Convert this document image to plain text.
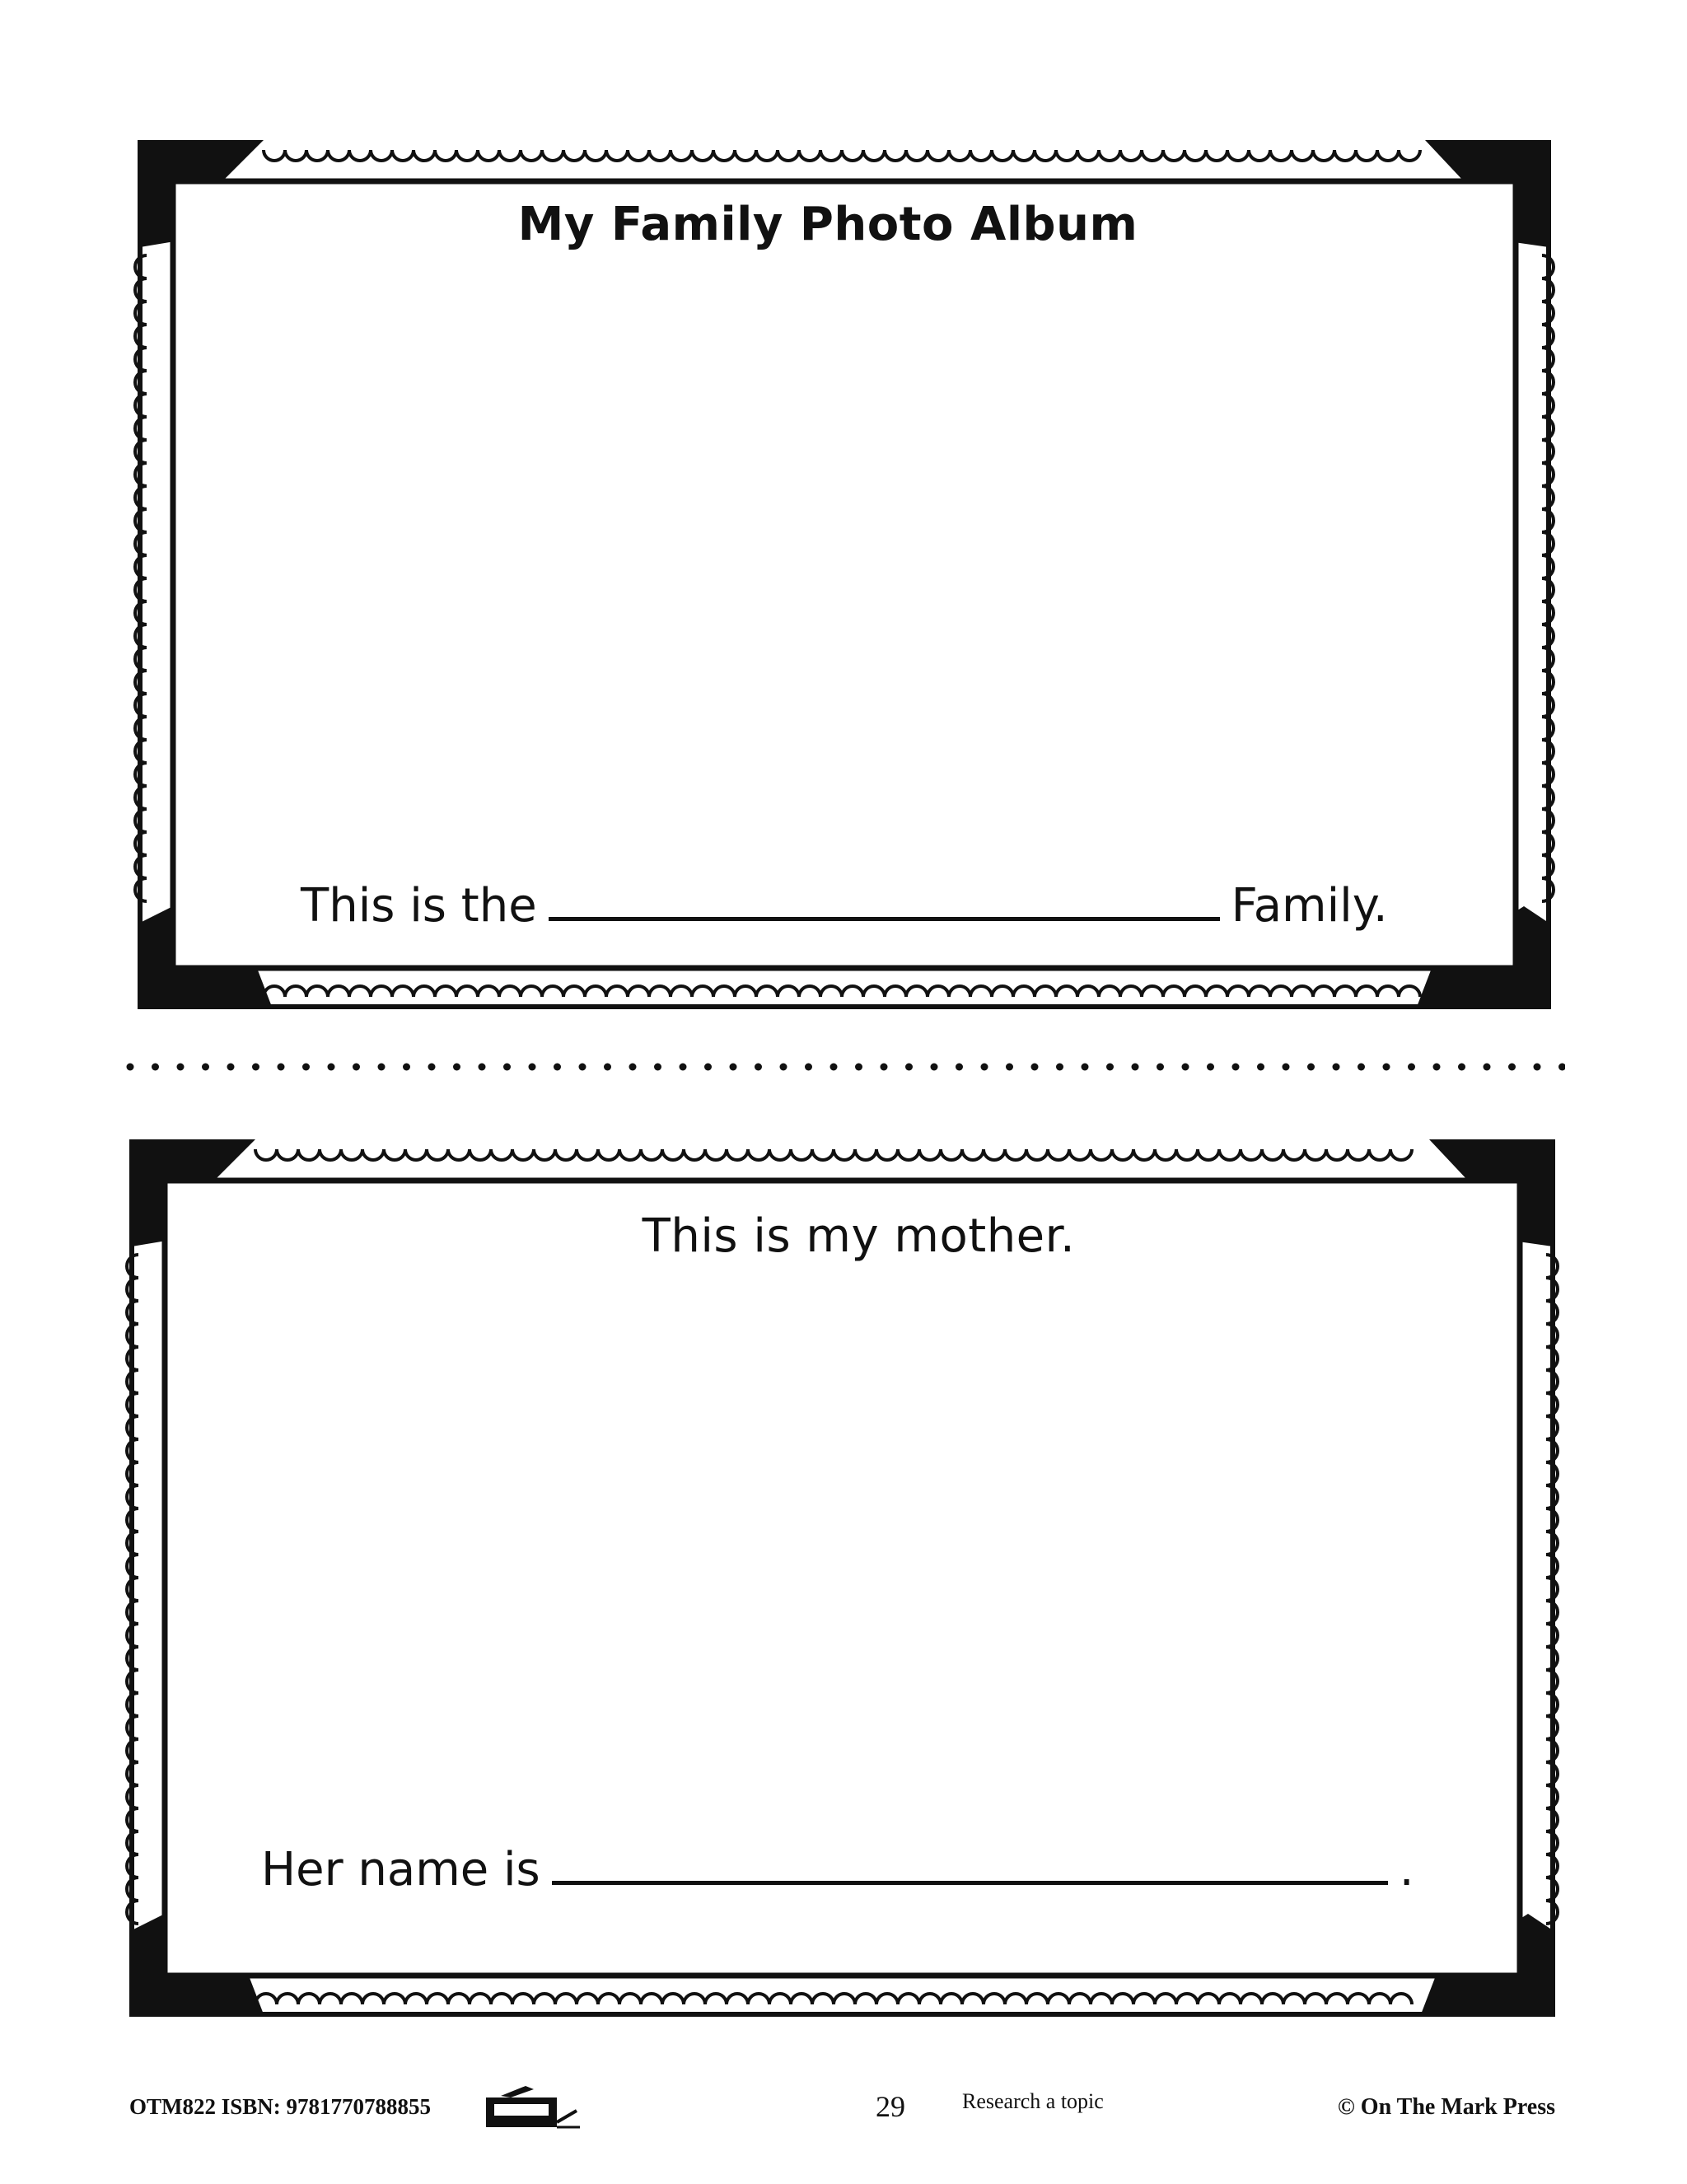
My Family Photo Album
This is the	Family.
This is my mother.
Her name is	.
OTM822 ISBN: 9781770788855	29	Research a topic	© On The Mark Press
